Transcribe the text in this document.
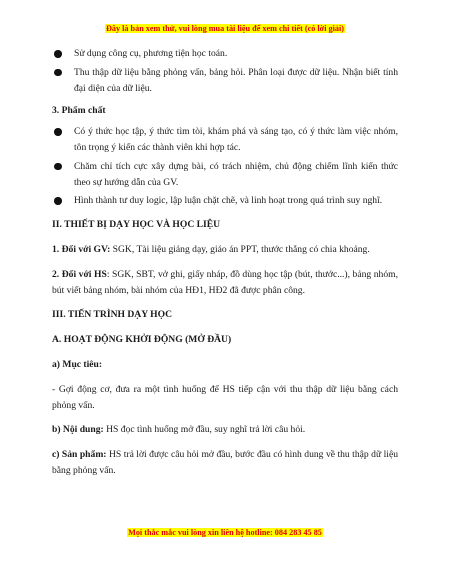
Đây là bản xem thử, vui lòng mua tài liệu để xem chi tiết (có lời giải)
Sử dụng công cụ, phương tiện học toán.
Thu thập dữ liệu bằng phỏng vấn, bảng hỏi. Phân loại được dữ liệu. Nhận biết tính đại diện của dữ liệu.

3. Phẩm chất

Có ý thức học tập, ý thức tìm tòi, khám phá và sáng tạo, có ý thức làm việc nhóm, tôn trọng ý kiến các thành viên khi hợp tác.
Chăm chỉ tích cực xây dựng bài, có trách nhiệm, chủ động chiếm lĩnh kiến thức theo sự hướng dẫn của GV.
Hình thành tư duy logic, lập luận chặt chẽ, và linh hoạt trong quá trình suy nghĩ.

II. THIẾT BỊ DẠY HỌC VÀ HỌC LIỆU

1. Đối với GV: SGK, Tài liệu giảng dạy, giáo án PPT, thước thẳng có chia khoảng.

2. Đối với HS: SGK, SBT, vở ghi, giấy nháp, đồ dùng học tập (bút, thước...), bảng nhóm, bút viết bảng nhóm, bài nhóm của HĐ1, HĐ2 đã được phân công.

III. TIẾN TRÌNH DẠY HỌC

A. HOẠT ĐỘNG KHỞI ĐỘNG (MỞ ĐẦU)

a) Mục tiêu:

- Gợi động cơ, đưa ra một tình huống để HS tiếp cận với thu thập dữ liệu bằng cách phỏng vấn.

b) Nội dung: HS đọc tình huống mở đầu, suy nghĩ trả lời câu hỏi.

c) Sản phẩm: HS trả lời được câu hỏi mở đầu, bước đầu có hình dung về thu thập dữ liệu bằng phỏng vấn.

Mọi thắc mắc vui lòng xin liên hệ hotline: 084 283 45 85
